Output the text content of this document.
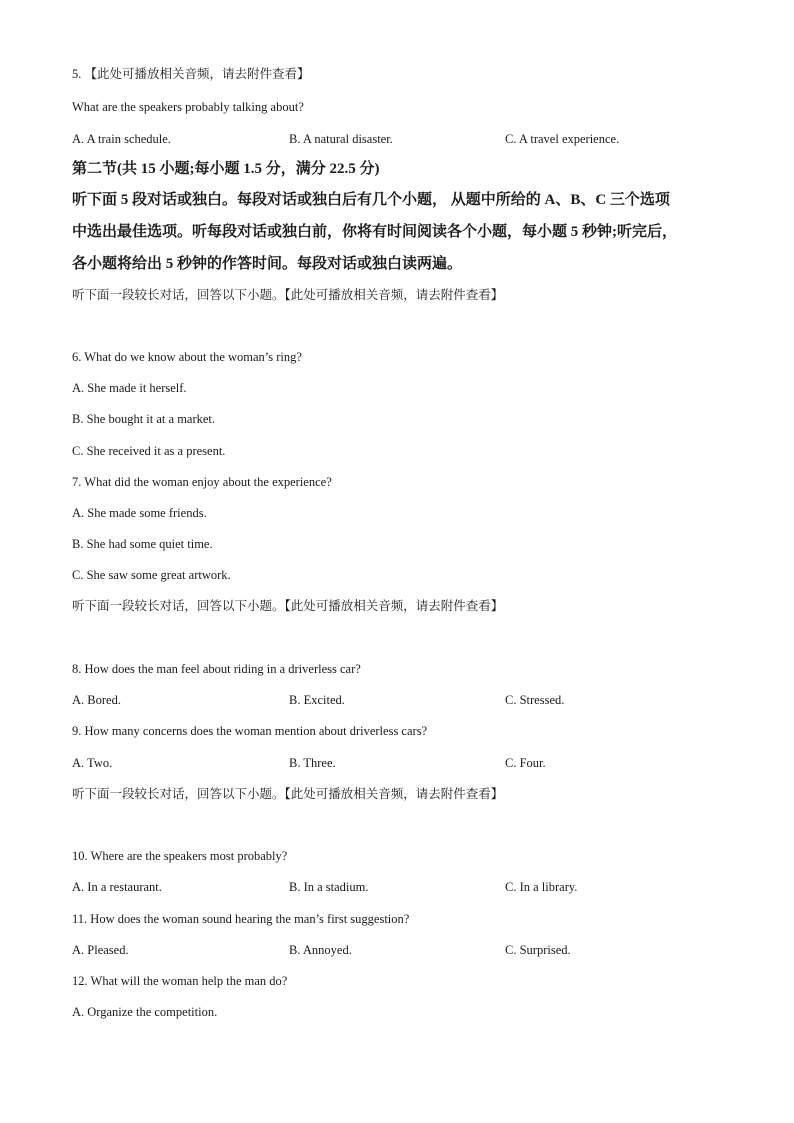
5. 【此处可播放相关音频，请去附件查看】
What are the speakers probably talking about?
A. A train schedule.	B. A natural disaster.	C. A travel experience.
第二节(共 15 小题;每小题 1.5 分，满分 22.5 分)
听下面 5 段对话或独白。每段对话或独白后有几个小题， 从题中所给的 A、B、C 三个选项
中选出最佳选项。听每段对话或独白前，你将有时间阅读各个小题，每小题 5 秒钟;听完后，
各小题将给出 5 秒钟的作答时间。每段对话或独白读两遍。
听下面一段较长对话，回答以下小题。【此处可播放相关音频，请去附件查看】
6. What do we know about the woman’s ring?
A. She made it herself.
B. She bought it at a market.
C. She received it as a present.
7. What did the woman enjoy about the experience?
A. She made some friends.
B. She had some quiet time.
C. She saw some great artwork.
听下面一段较长对话，回答以下小题。【此处可播放相关音频，请去附件查看】
8. How does the man feel about riding in a driverless car?
A. Bored.	B. Excited.	C. Stressed.
9. How many concerns does the woman mention about driverless cars?
A. Two.	B. Three.	C. Four.
听下面一段较长对话，回答以下小题。【此处可播放相关音频，请去附件查看】
10. Where are the speakers most probably?
A. In a restaurant.	B. In a stadium.	C. In a library.
11. How does the woman sound hearing the man’s first suggestion?
A. Pleased.	B. Annoyed.	C. Surprised.
12. What will the woman help the man do?
A. Organize the competition.
